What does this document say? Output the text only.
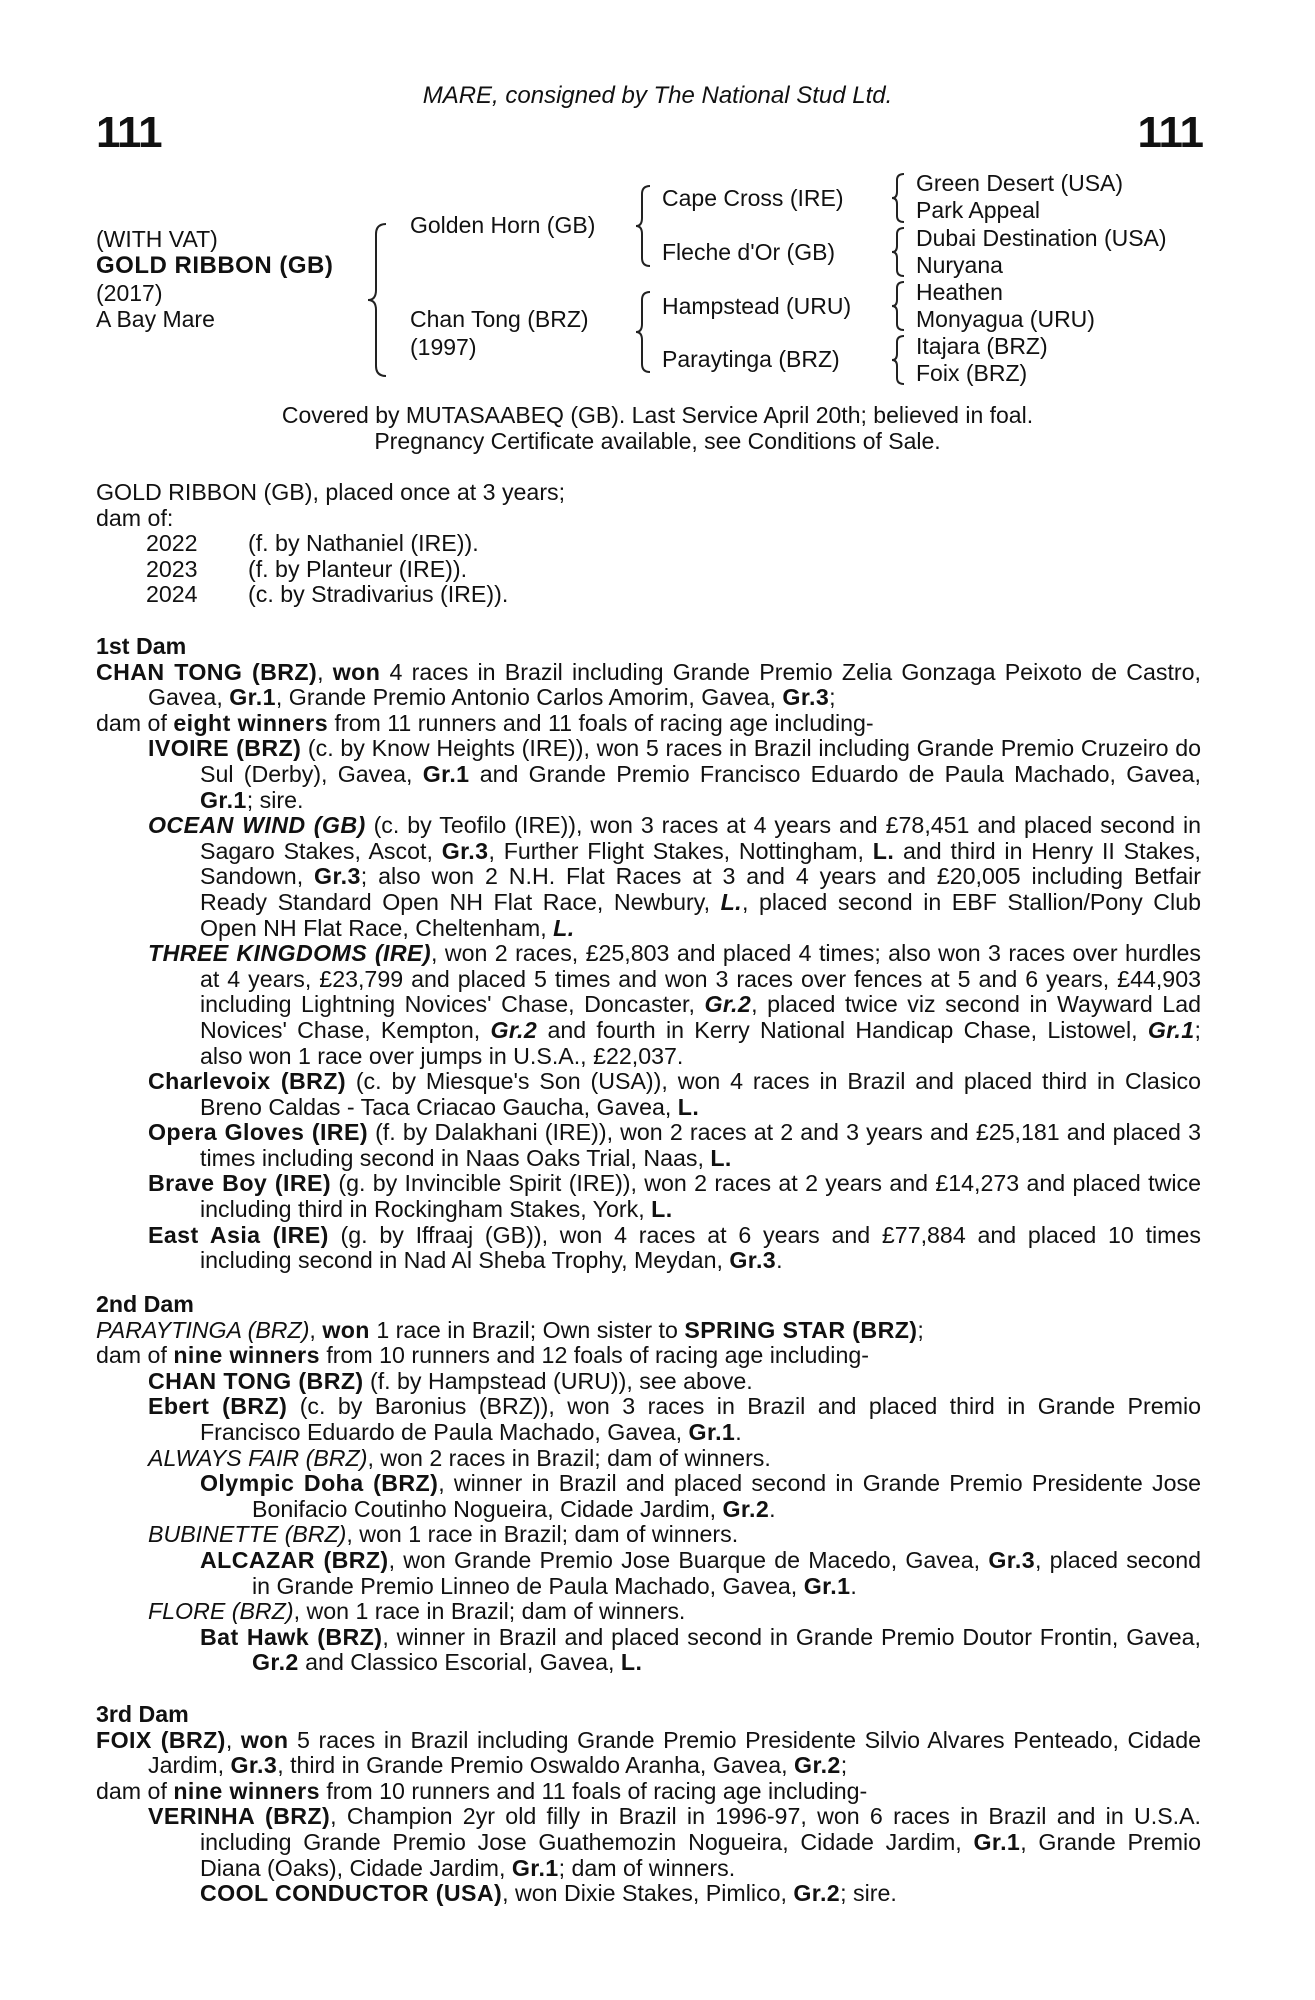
111	111
MARE, consigned by The National Stud Ltd.
(WITH VAT)
GOLD RIBBON (GB)
(2017)
A Bay Mare
Golden Horn (GB)
Chan Tong (BRZ)
(1997)
Cape Cross (IRE)
Fleche d'Or (GB)
Hampstead (URU)
Paraytinga (BRZ)
Green Desert (USA)
Park Appeal
Dubai Destination (USA)
Nuryana
Heathen
Monyagua (URU)
Itajara (BRZ)
Foix (BRZ)
Covered by MUTASAABEQ (GB). Last Service April 20th; believed in foal.
Pregnancy Certificate available, see Conditions of Sale.

GOLD RIBBON (GB), placed once at 3 years;

dam of:

2022 (f. by Nathaniel (IRE)).

2023 (f. by Planteur (IRE)).

2024 (c. by Stradivarius (IRE)).

1st Dam

CHAN TONG (BRZ), won 4 races in Brazil including Grande Premio Zelia Gonzaga Peixoto de Castro, Gavea, Gr.1, Grande Premio Antonio Carlos Amorim, Gavea, Gr.3;

dam of eight winners from 11 runners and 11 foals of racing age including-

IVOIRE (BRZ) (c. by Know Heights (IRE)), won 5 races in Brazil including Grande Premio Cruzeiro do Sul (Derby), Gavea, Gr.1 and Grande Premio Francisco Eduardo de Paula Machado, Gavea, Gr.1; sire.

OCEAN WIND (GB) (c. by Teofilo (IRE)), won 3 races at 4 years and £78,451 and placed second in Sagaro Stakes, Ascot, Gr.3, Further Flight Stakes, Nottingham, L. and third in Henry II Stakes, Sandown, Gr.3; also won 2 N.H. Flat Races at 3 and 4 years and £20,005 including Betfair Ready Standard Open NH Flat Race, Newbury, L., placed second in EBF Stallion/Pony Club Open NH Flat Race, Cheltenham, L.

THREE KINGDOMS (IRE), won 2 races, £25,803 and placed 4 times; also won 3 races over hurdles at 4 years, £23,799 and placed 5 times and won 3 races over fences at 5 and 6 years, £44,903 including Lightning Novices' Chase, Doncaster, Gr.2, placed twice viz second in Wayward Lad Novices' Chase, Kempton, Gr.2 and fourth in Kerry National Handicap Chase, Listowel, Gr.1; also won 1 race over jumps in U.S.A., £22,037.

Charlevoix (BRZ) (c. by Miesque's Son (USA)), won 4 races in Brazil and placed third in Clasico Breno Caldas - Taca Criacao Gaucha, Gavea, L.

Opera Gloves (IRE) (f. by Dalakhani (IRE)), won 2 races at 2 and 3 years and £25,181 and placed 3 times including second in Naas Oaks Trial, Naas, L.

Brave Boy (IRE) (g. by Invincible Spirit (IRE)), won 2 races at 2 years and £14,273 and placed twice including third in Rockingham Stakes, York, L.

East Asia (IRE) (g. by Iffraaj (GB)), won 4 races at 6 years and £77,884 and placed 10 times including second in Nad Al Sheba Trophy, Meydan, Gr.3.

2nd Dam

PARAYTINGA (BRZ), won 1 race in Brazil; Own sister to SPRING STAR (BRZ);

dam of nine winners from 10 runners and 12 foals of racing age including-

CHAN TONG (BRZ) (f. by Hampstead (URU)), see above.

Ebert (BRZ) (c. by Baronius (BRZ)), won 3 races in Brazil and placed third in Grande Premio Francisco Eduardo de Paula Machado, Gavea, Gr.1.

ALWAYS FAIR (BRZ), won 2 races in Brazil; dam of winners.

Olympic Doha (BRZ), winner in Brazil and placed second in Grande Premio Presidente Jose Bonifacio Coutinho Nogueira, Cidade Jardim, Gr.2.

BUBINETTE (BRZ), won 1 race in Brazil; dam of winners.

ALCAZAR (BRZ), won Grande Premio Jose Buarque de Macedo, Gavea, Gr.3, placed second in Grande Premio Linneo de Paula Machado, Gavea, Gr.1.

FLORE (BRZ), won 1 race in Brazil; dam of winners.

Bat Hawk (BRZ), winner in Brazil and placed second in Grande Premio Doutor Frontin, Gavea, Gr.2 and Classico Escorial, Gavea, L.

3rd Dam

FOIX (BRZ), won 5 races in Brazil including Grande Premio Presidente Silvio Alvares Penteado, Cidade Jardim, Gr.3, third in Grande Premio Oswaldo Aranha, Gavea, Gr.2;

dam of nine winners from 10 runners and 11 foals of racing age including-

VERINHA (BRZ), Champion 2yr old filly in Brazil in 1996-97, won 6 races in Brazil and in U.S.A. including Grande Premio Jose Guathemozin Nogueira, Cidade Jardim, Gr.1, Grande Premio Diana (Oaks), Cidade Jardim, Gr.1; dam of winners.

COOL CONDUCTOR (USA), won Dixie Stakes, Pimlico, Gr.2; sire.
